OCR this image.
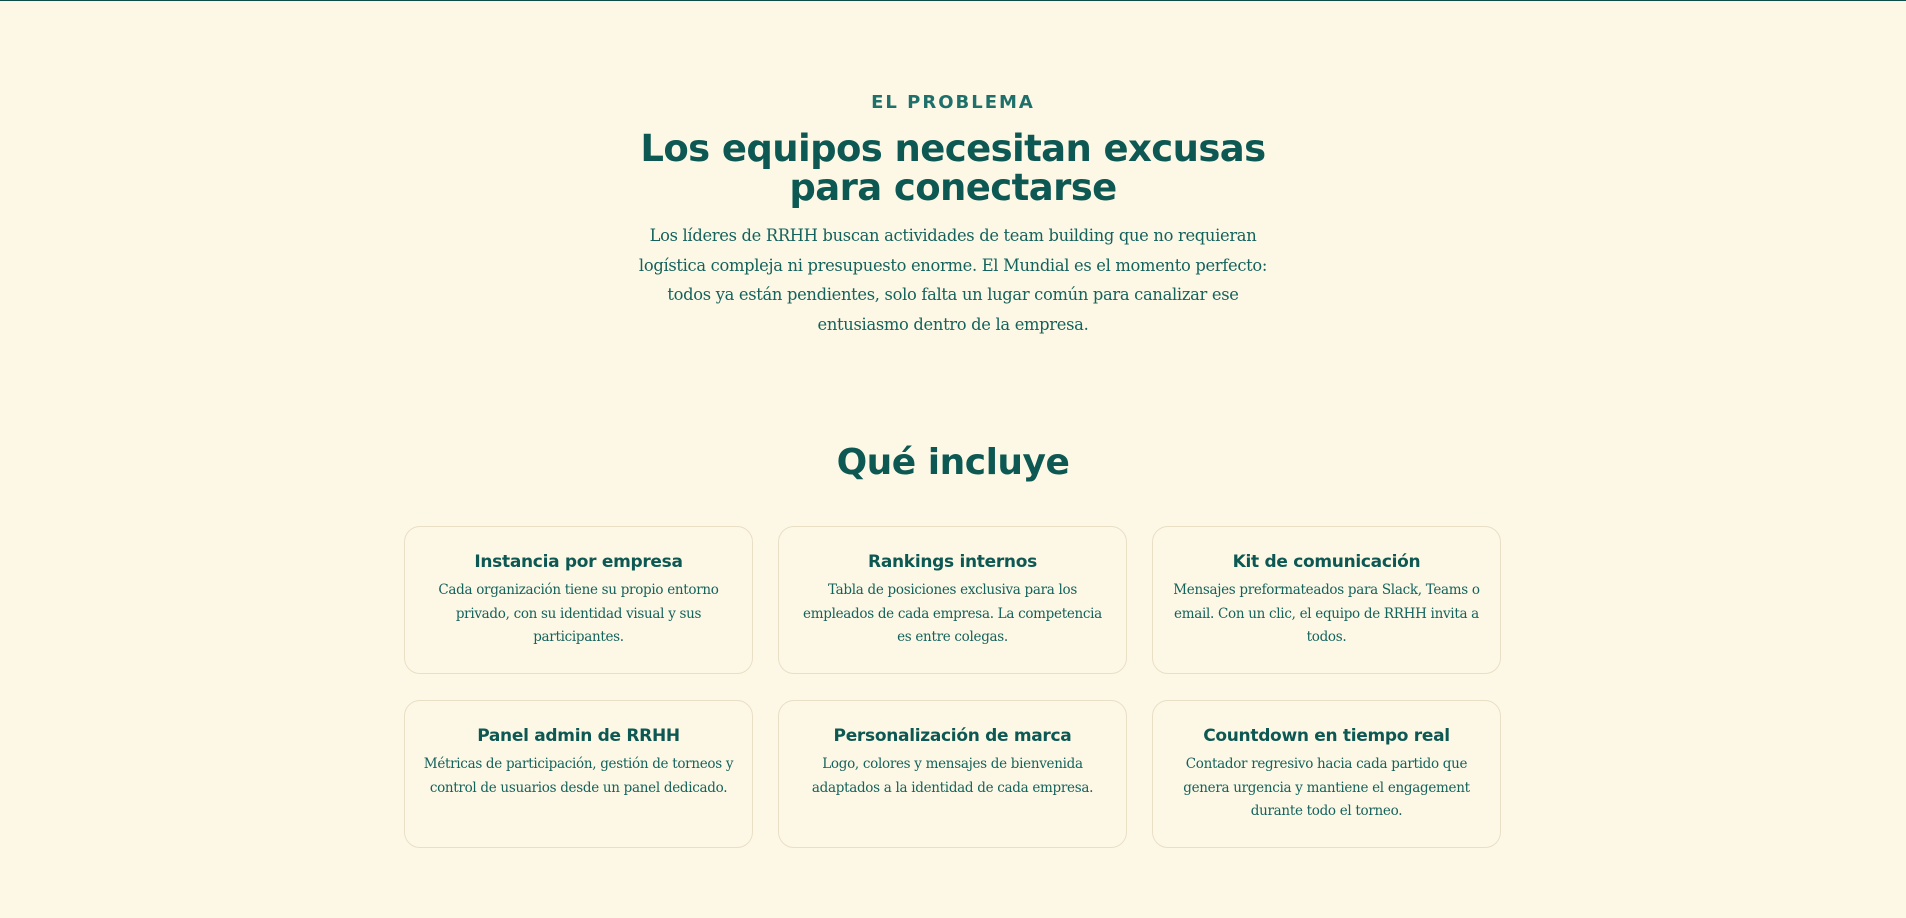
EL PROBLEMA

Los equipos necesitan excusas para conectarse

Los líderes de RRHH buscan actividades de team building que no requieran logística compleja ni presupuesto enorme. El Mundial es el momento perfecto: todos ya están pendientes, solo falta un lugar común para canalizar ese entusiasmo dentro de la empresa.

Qué incluye
Instancia por empresa

Cada organización tiene su propio entorno privado, con su identidad visual y sus participantes.

Rankings internos

Tabla de posiciones exclusiva para los empleados de cada empresa. La competencia es entre colegas.

Kit de comunicación

Mensajes preformateados para Slack, Teams o email. Con un clic, el equipo de RRHH invita a todos.

Panel admin de RRHH

Métricas de participación, gestión de torneos y control de usuarios desde un panel dedicado.

Personalización de marca

Logo, colores y mensajes de bienvenida adaptados a la identidad de cada empresa.

Countdown en tiempo real

Contador regresivo hacia cada partido que genera urgencia y mantiene el engagement durante todo el torneo.
